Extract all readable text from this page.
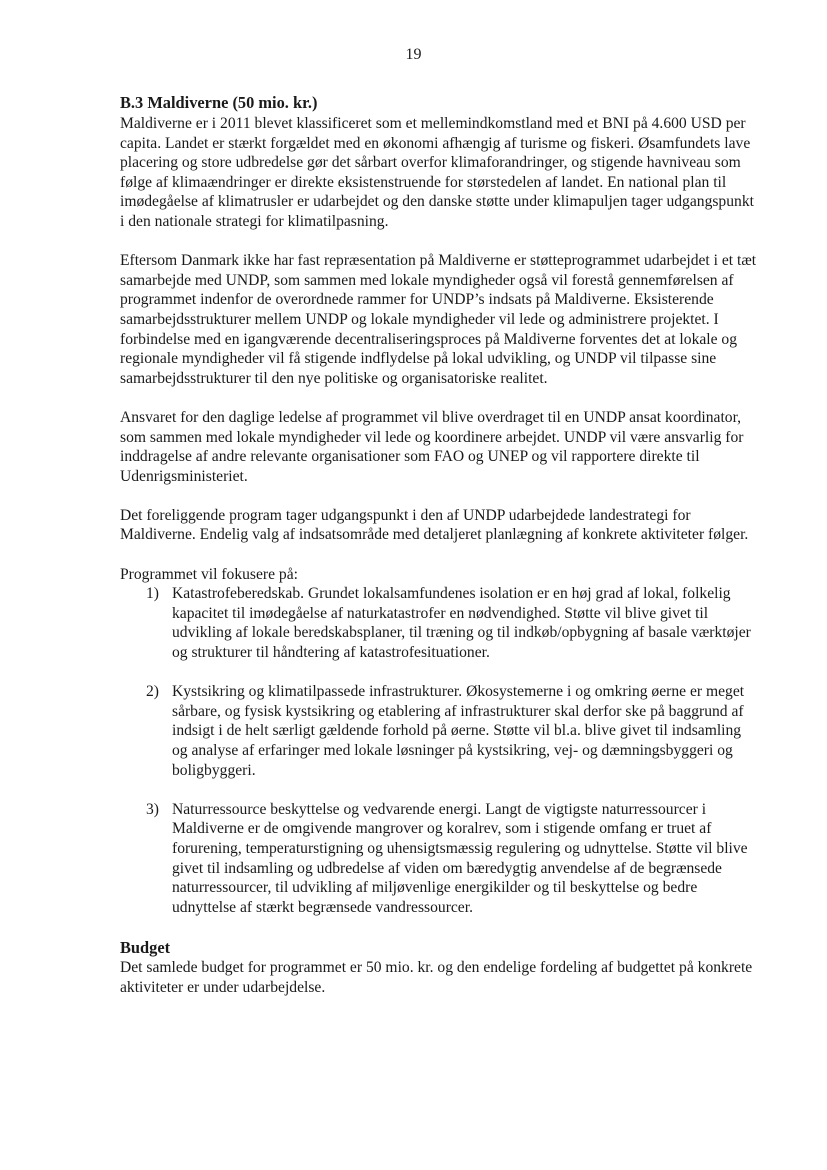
19
B.3 Maldiverne (50 mio. kr.)

Maldiverne er i 2011 blevet klassificeret som et mellemindkomstland med et BNI på 4.600 USD per capita. Landet er stærkt forgældet med en økonomi afhængig af turisme og fiskeri. Øsamfundets lave placering og store udbredelse gør det sårbart overfor klimaforandringer, og stigende havniveau som følge af klimaændringer er direkte eksistenstruende for størstedelen af landet. En national plan til imødegåelse af klimatrusler er udarbejdet og den danske støtte under klimapuljen tager udgangspunkt i den nationale strategi for klimatilpasning.

Eftersom Danmark ikke har fast repræsentation på Maldiverne er støtteprogrammet udarbejdet i et tæt samarbejde med UNDP, som sammen med lokale myndigheder også vil forestå gennemførelsen af programmet indenfor de overordnede rammer for UNDP’s indsats på Maldiverne. Eksisterende samarbejdsstrukturer mellem UNDP og lokale myndigheder vil lede og administrere projektet. I forbindelse med en igangværende decentraliseringsproces på Maldiverne forventes det at lokale og regionale myndigheder vil få stigende indflydelse på lokal udvikling, og UNDP vil tilpasse sine samarbejdsstrukturer til den nye politiske og organisatoriske realitet.

Ansvaret for den daglige ledelse af programmet vil blive overdraget til en UNDP ansat koordinator, som sammen med lokale myndigheder vil lede og koordinere arbejdet. UNDP vil være ansvarlig for inddragelse af andre relevante organisationer som FAO og UNEP og vil rapportere direkte til Udenrigsministeriet.

Det foreliggende program tager udgangspunkt i den af UNDP udarbejdede landestrategi for Maldiverne. Endelig valg af indsatsområde med detaljeret planlægning af konkrete aktiviteter følger.

Programmet vil fokusere på:

1) Katastrofeberedskab. Grundet lokalsamfundenes isolation er en høj grad af lokal, folkelig kapacitet til imødegåelse af naturkatastrofer en nødvendighed. Støtte vil blive givet til udvikling af lokale beredskabsplaner, til træning og til indkøb/opbygning af basale værktøjer og strukturer til håndtering af katastrofesituationer.
2) Kystsikring og klimatilpassede infrastrukturer. Økosystemerne i og omkring øerne er meget sårbare, og fysisk kystsikring og etablering af infrastrukturer skal derfor ske på baggrund af indsigt i de helt særligt gældende forhold på øerne. Støtte vil bl.a. blive givet til indsamling og analyse af erfaringer med lokale løsninger på kystsikring, vej- og dæmningsbyggeri og boligbyggeri.
3) Naturressource beskyttelse og vedvarende energi. Langt de vigtigste naturressourcer i Maldiverne er de omgivende mangrover og koralrev, som i stigende omfang er truet af forurening, temperaturstigning og uhensigtsmæssig regulering og udnyttelse. Støtte vil blive givet til indsamling og udbredelse af viden om bæredygtig anvendelse af de begrænsede naturressourcer, til udvikling af miljøvenlige energikilder og til beskyttelse og bedre udnyttelse af stærkt begrænsede vandressourcer.
Budget

Det samlede budget for programmet er 50 mio. kr. og den endelige fordeling af budgettet på konkrete aktiviteter er under udarbejdelse.
